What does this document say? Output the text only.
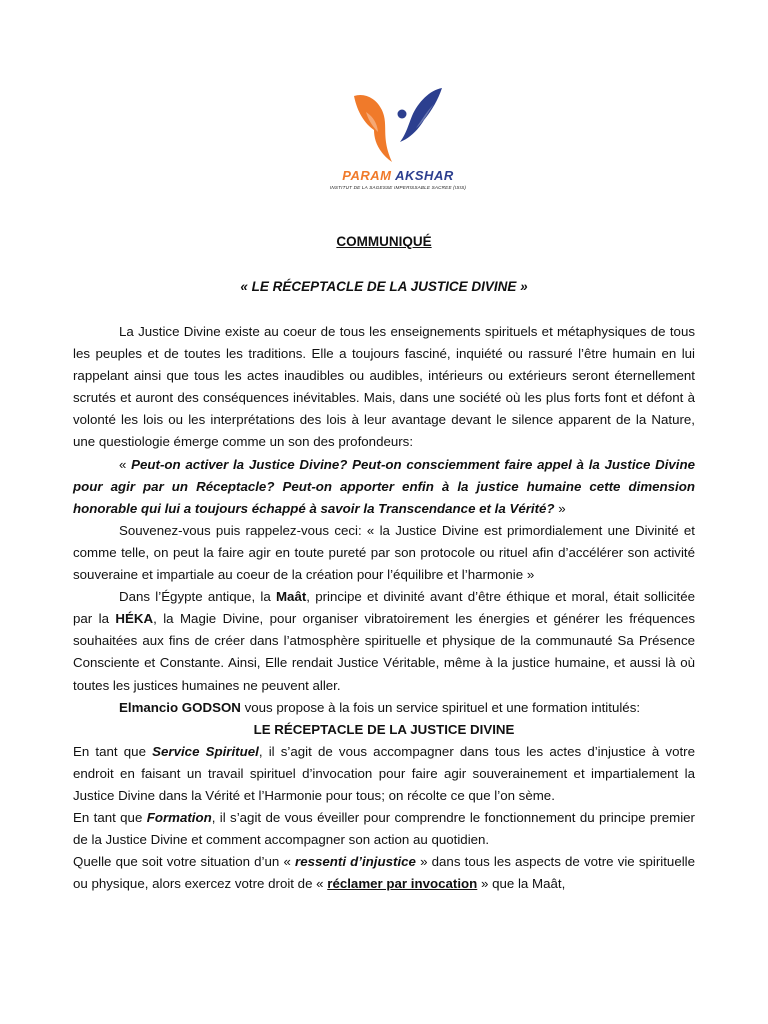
PARAM AKSHAR
INSTITUT DE LA SAGESSE IMPERISSABLE SACREE (ISIS)
COMMUNIQUÉ
« LE RÉCEPTACLE DE LA JUSTICE DIVINE »

La Justice Divine existe au coeur de tous les enseignements spirituels et métaphysiques de tous les peuples et de toutes les traditions. Elle a toujours fasciné, inquiété ou rassuré l’être humain en lui rappelant ainsi que tous les actes inaudibles ou audibles, intérieurs ou extérieurs seront éternellement scrutés et auront des conséquences inévitables. Mais, dans une société où les plus forts font et défont à volonté les lois ou les interprétations des lois à leur avantage devant le silence apparent de la Nature, une questiologie émerge comme un son des profondeurs:

« Peut-on activer la Justice Divine? Peut-on consciemment faire appel à la Justice Divine pour agir par un Réceptacle? Peut-on apporter enfin à la justice humaine cette dimension honorable qui lui a toujours échappé à savoir la Transcendance et la Vérité? »

Souvenez-vous puis rappelez-vous ceci: « la Justice Divine est primordialement une Divinité et comme telle, on peut la faire agir en toute pureté par son protocole ou rituel afin d’accélérer son activité souveraine et impartiale au coeur de la création pour l’équilibre et l’harmonie »

Dans l’Égypte antique, la Maât, principe et divinité avant d’être éthique et moral, était sollicitée par la HÉKA, la Magie Divine, pour organiser vibratoirement les énergies et générer les fréquences souhaitées aux fins de créer dans l’atmosphère spirituelle et physique de la communauté Sa Présence Consciente et Constante. Ainsi, Elle rendait Justice Véritable, même à la justice humaine, et aussi là où toutes les justices humaines ne peuvent aller.

Elmancio GODSON vous propose à la fois un service spirituel et une formation intitulés:

LE RÉCEPTACLE DE LA JUSTICE DIVINE

En tant que Service Spirituel, il s’agit de vous accompagner dans tous les actes d’injustice à votre endroit en faisant un travail spirituel d’invocation pour faire agir souverainement et impartialement la Justice Divine dans la Vérité et l’Harmonie pour tous; on récolte ce que l’on sème.

En tant que Formation, il s’agit de vous éveiller pour comprendre le fonctionnement du principe premier de la Justice Divine et comment accompagner son action au quotidien.

Quelle que soit votre situation d’un « ressenti d’injustice » dans tous les aspects de votre vie spirituelle ou physique, alors exercez votre droit de « réclamer par invocation » que la Maât,
